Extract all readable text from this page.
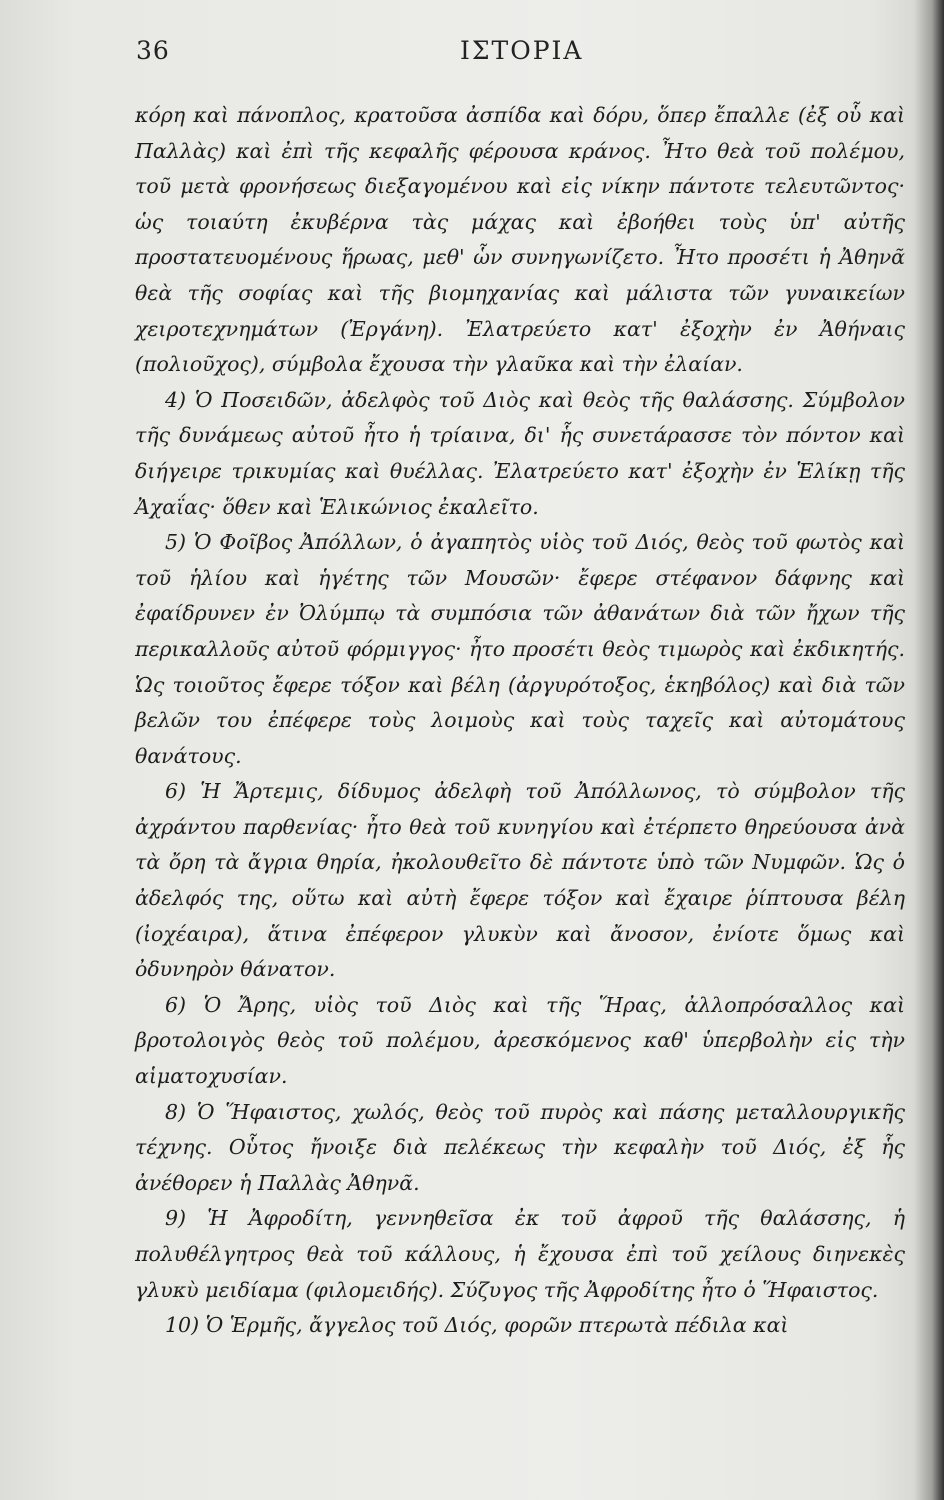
36	ΙΣΤΟΡΙΑ

κόρη καὶ πάνοπλος, κρατοῦσα ἀσπίδα καὶ δόρυ, ὅπερ ἔπαλλε (ἐξ οὗ καὶ Παλλὰς) καὶ ἐπὶ τῆς κεφαλῆς φέρουσα κράνος. Ἦτο θεὰ τοῦ πολέμου, τοῦ μετὰ φρονήσεως διεξαγομένου καὶ εἰς νίκην πάντοτε τελευτῶντος· ὡς τοιαύτη ἐκυβέρνα τὰς μάχας καὶ ἐβοήθει τοὺς ὑπ' αὐτῆς προστατευομένους ἥρωας, μεθ' ὧν συνηγωνίζετο. Ἦτο προσέτι ἡ Ἀθηνᾶ θεὰ τῆς σοφίας καὶ τῆς βιομηχανίας καὶ μάλιστα τῶν γυναικείων χειροτεχνημάτων (Ἐργάνη). Ἐλατρεύετο κατ' ἐξοχὴν ἐν Ἀθήναις (πολιοῦχος), σύμβολα ἔχουσα τὴν γλαῦκα καὶ τὴν ἐλαίαν.

4) Ὁ Ποσειδῶν, ἀδελφὸς τοῦ Διὸς καὶ θεὸς τῆς θαλάσσης. Σύμβολον τῆς δυνάμεως αὐτοῦ ἦτο ἡ τρίαινα, δι' ἧς συνετάρασσε τὸν πόντον καὶ διήγειρε τρικυμίας καὶ θυέλλας. Ἐλατρεύετο κατ' ἐξοχὴν ἐν Ἑλίκῃ τῆς Ἀχαΐας· ὅθεν καὶ Ἑλικώνιος ἐκαλεῖτο.

5) Ὁ Φοῖβος Ἀπόλλων, ὁ ἀγαπητὸς υἱὸς τοῦ Διός, θεὸς τοῦ φωτὸς καὶ τοῦ ἡλίου καὶ ἡγέτης τῶν Μουσῶν· ἔφερε στέφανον δάφνης καὶ ἐφαίδρυνεν ἐν Ὀλύμπῳ τὰ συμπόσια τῶν ἀθανάτων διὰ τῶν ἤχων τῆς περικαλλοῦς αὐτοῦ φόρμιγγος· ἦτο προσέτι θεὸς τιμωρὸς καὶ ἐκδικητής. Ὡς τοιοῦτος ἔφερε τόξον καὶ βέλη (ἀργυρότοξος, ἑκηβόλος) καὶ διὰ τῶν βελῶν του ἐπέφερε τοὺς λοιμοὺς καὶ τοὺς ταχεῖς καὶ αὐτομάτους θανάτους.

6) Ἡ Ἄρτεμις, δίδυμος ἀδελφὴ τοῦ Ἀπόλλωνος, τὸ σύμβολον τῆς ἀχράντου παρθενίας· ἦτο θεὰ τοῦ κυνηγίου καὶ ἐτέρπετο θηρεύουσα ἀνὰ τὰ ὄρη τὰ ἄγρια θηρία, ἠκολουθεῖτο δὲ πάντοτε ὑπὸ τῶν Νυμφῶν. Ὡς ὁ ἀδελφός της, οὕτω καὶ αὐτὴ ἔφερε τόξον καὶ ἔχαιρε ῥίπτουσα βέλη (ἰοχέαιρα), ἅτινα ἐπέφερον γλυκὺν καὶ ἄνοσον, ἐνίοτε ὅμως καὶ ὀδυνηρὸν θάνατον.

6) Ὁ Ἄρης, υἱὸς τοῦ Διὸς καὶ τῆς Ἥρας, ἀλλοπρόσαλλος καὶ βροτολοιγὸς θεὸς τοῦ πολέμου, ἀρεσκόμενος καθ' ὑπερβολὴν εἰς τὴν αἱματοχυσίαν.

8) Ὁ Ἥφαιστος, χωλός, θεὸς τοῦ πυρὸς καὶ πάσης μεταλλουργικῆς τέχνης. Οὗτος ἤνοιξε διὰ πελέκεως τὴν κεφαλὴν τοῦ Διός, ἐξ ἧς ἀνέθορεν ἡ Παλλὰς Ἀθηνᾶ.

9) Ἡ Ἀφροδίτη, γεννηθεῖσα ἐκ τοῦ ἀφροῦ τῆς θαλάσσης, ἡ πολυθέλγητρος θεὰ τοῦ κάλλους, ἡ ἔχουσα ἐπὶ τοῦ χείλους διηνεκὲς γλυκὺ μειδίαμα (φιλομειδής). Σύζυγος τῆς Ἀφροδίτης ἦτο ὁ Ἥφαιστος.

10) Ὁ Ἑρμῆς, ἄγγελος τοῦ Διός, φορῶν πτερωτὰ πέδιλα καὶ
